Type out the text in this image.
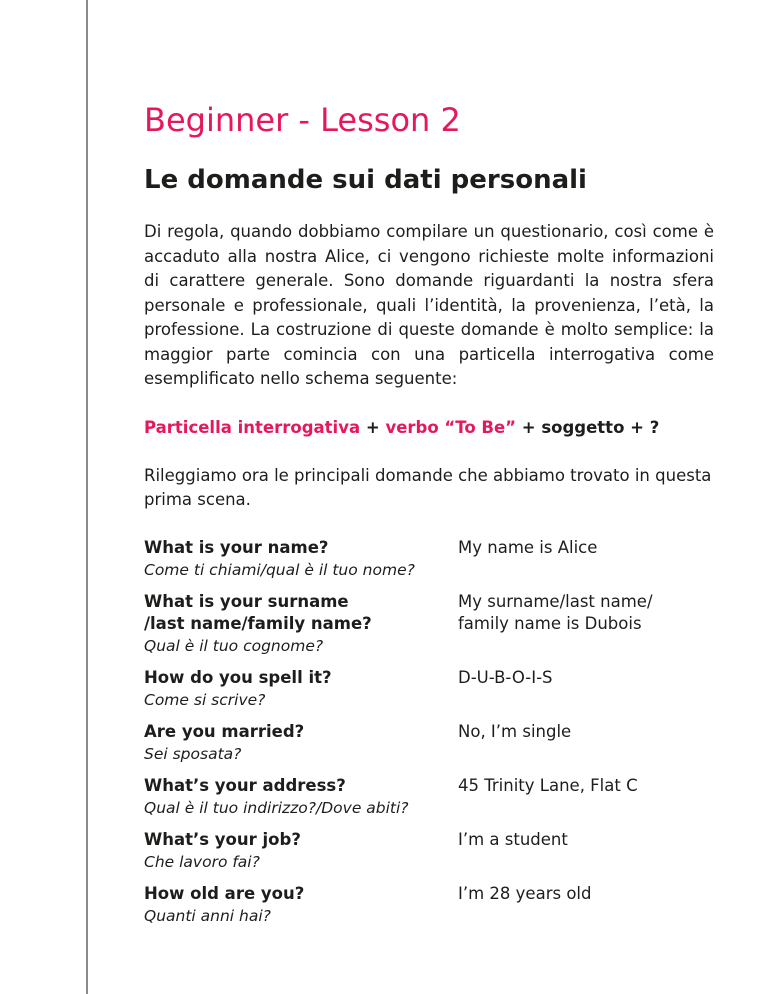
Beginner - Lesson 2
Le domande sui dati personali

Di regola, quando dobbiamo compilare un questionario, così come è accaduto alla nostra Alice, ci vengono richieste molte informazioni di carattere generale. Sono domande riguardanti la nostra sfera personale e professionale, quali l’identità, la provenienza, l’età, la professione. La costruzione di queste domande è molto semplice: la maggior parte comincia con una particella interrogativa come esemplificato nello schema seguente:

Particella interrogativa + verbo “To Be” + soggetto + ?

Rileggiamo ora le principali domande che abbiamo trovato in questa prima scena.

What is your name?
Come ti chiami/qual è il tuo nome?
My name is Alice
What is your surname
/last name/family name?
Qual è il tuo cognome?
My surname/last name/
family name is Dubois
How do you spell it?
Come si scrive?
D-U-B-O-I-S
Are you married?
Sei sposata?
No, I’m single
What’s your address?
Qual è il tuo indirizzo?/Dove abiti?
45 Trinity Lane, Flat C
What’s your job?
Che lavoro fai?
I’m a student
How old are you?
Quanti anni hai?
I’m 28 years old
